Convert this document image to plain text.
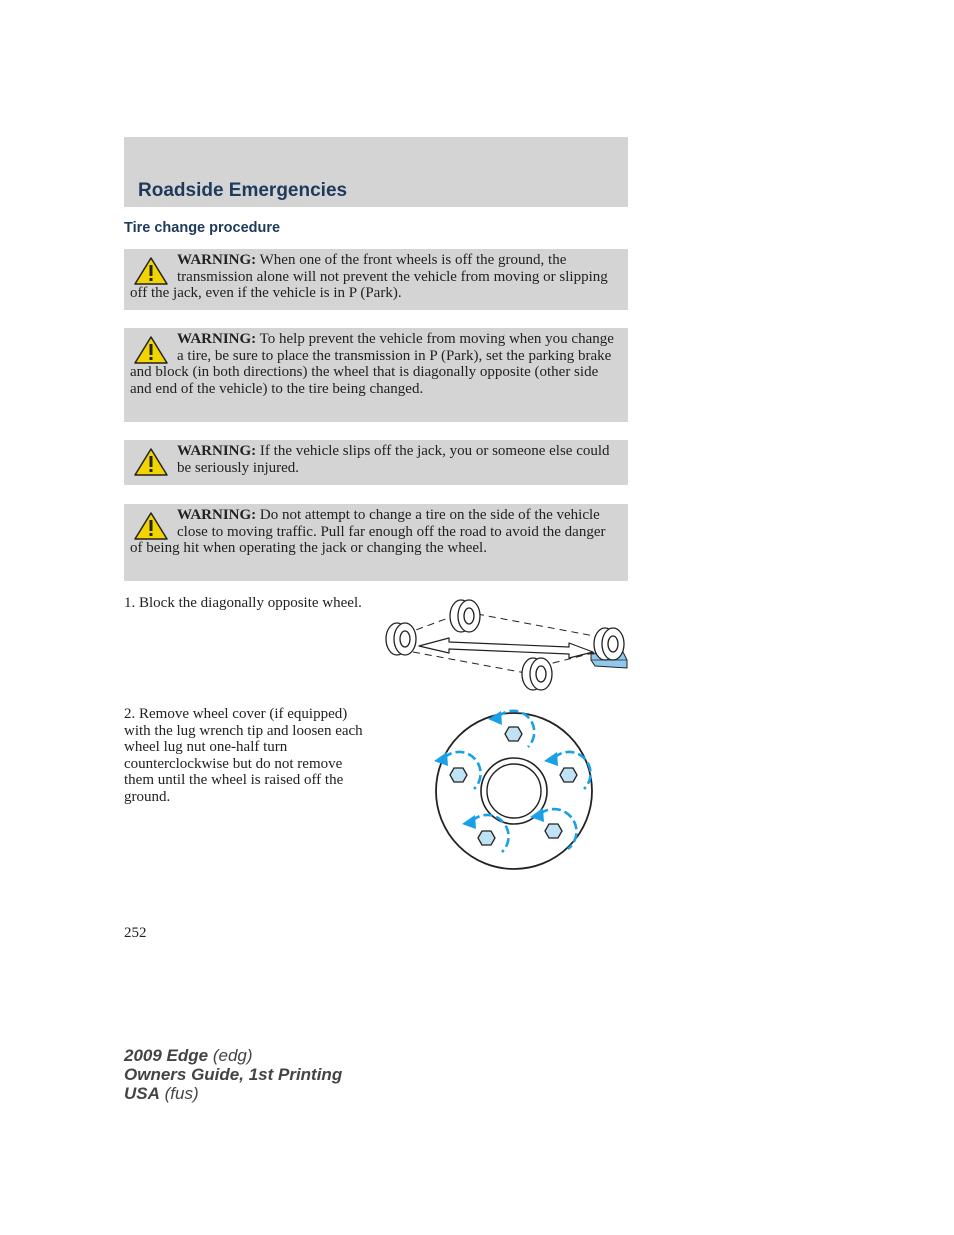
Roadside Emergencies
Tire change procedure
WARNING: When one of the front wheels is off the ground, the transmission alone will not prevent the vehicle from moving or slipping off the jack, even if the vehicle is in P (Park).
WARNING: To help prevent the vehicle from moving when you change a tire, be sure to place the transmission in P (Park), set the parking brake and block (in both directions) the wheel that is diagonally opposite (other side and end of the vehicle) to the tire being changed.
WARNING: If the vehicle slips off the jack, you or someone else could be seriously injured.
WARNING: Do not attempt to change a tire on the side of the vehicle close to moving traffic. Pull far enough off the road to avoid the danger of being hit when operating the jack or changing the wheel.
1. Block the diagonally opposite wheel.
2. Remove wheel cover (if equipped) with the lug wrench tip and loosen each wheel lug nut one-half turn counterclockwise but do not remove them until the wheel is raised off the ground.
252
2009 Edge (edg)
Owners Guide, 1st Printing
USA (fus)
